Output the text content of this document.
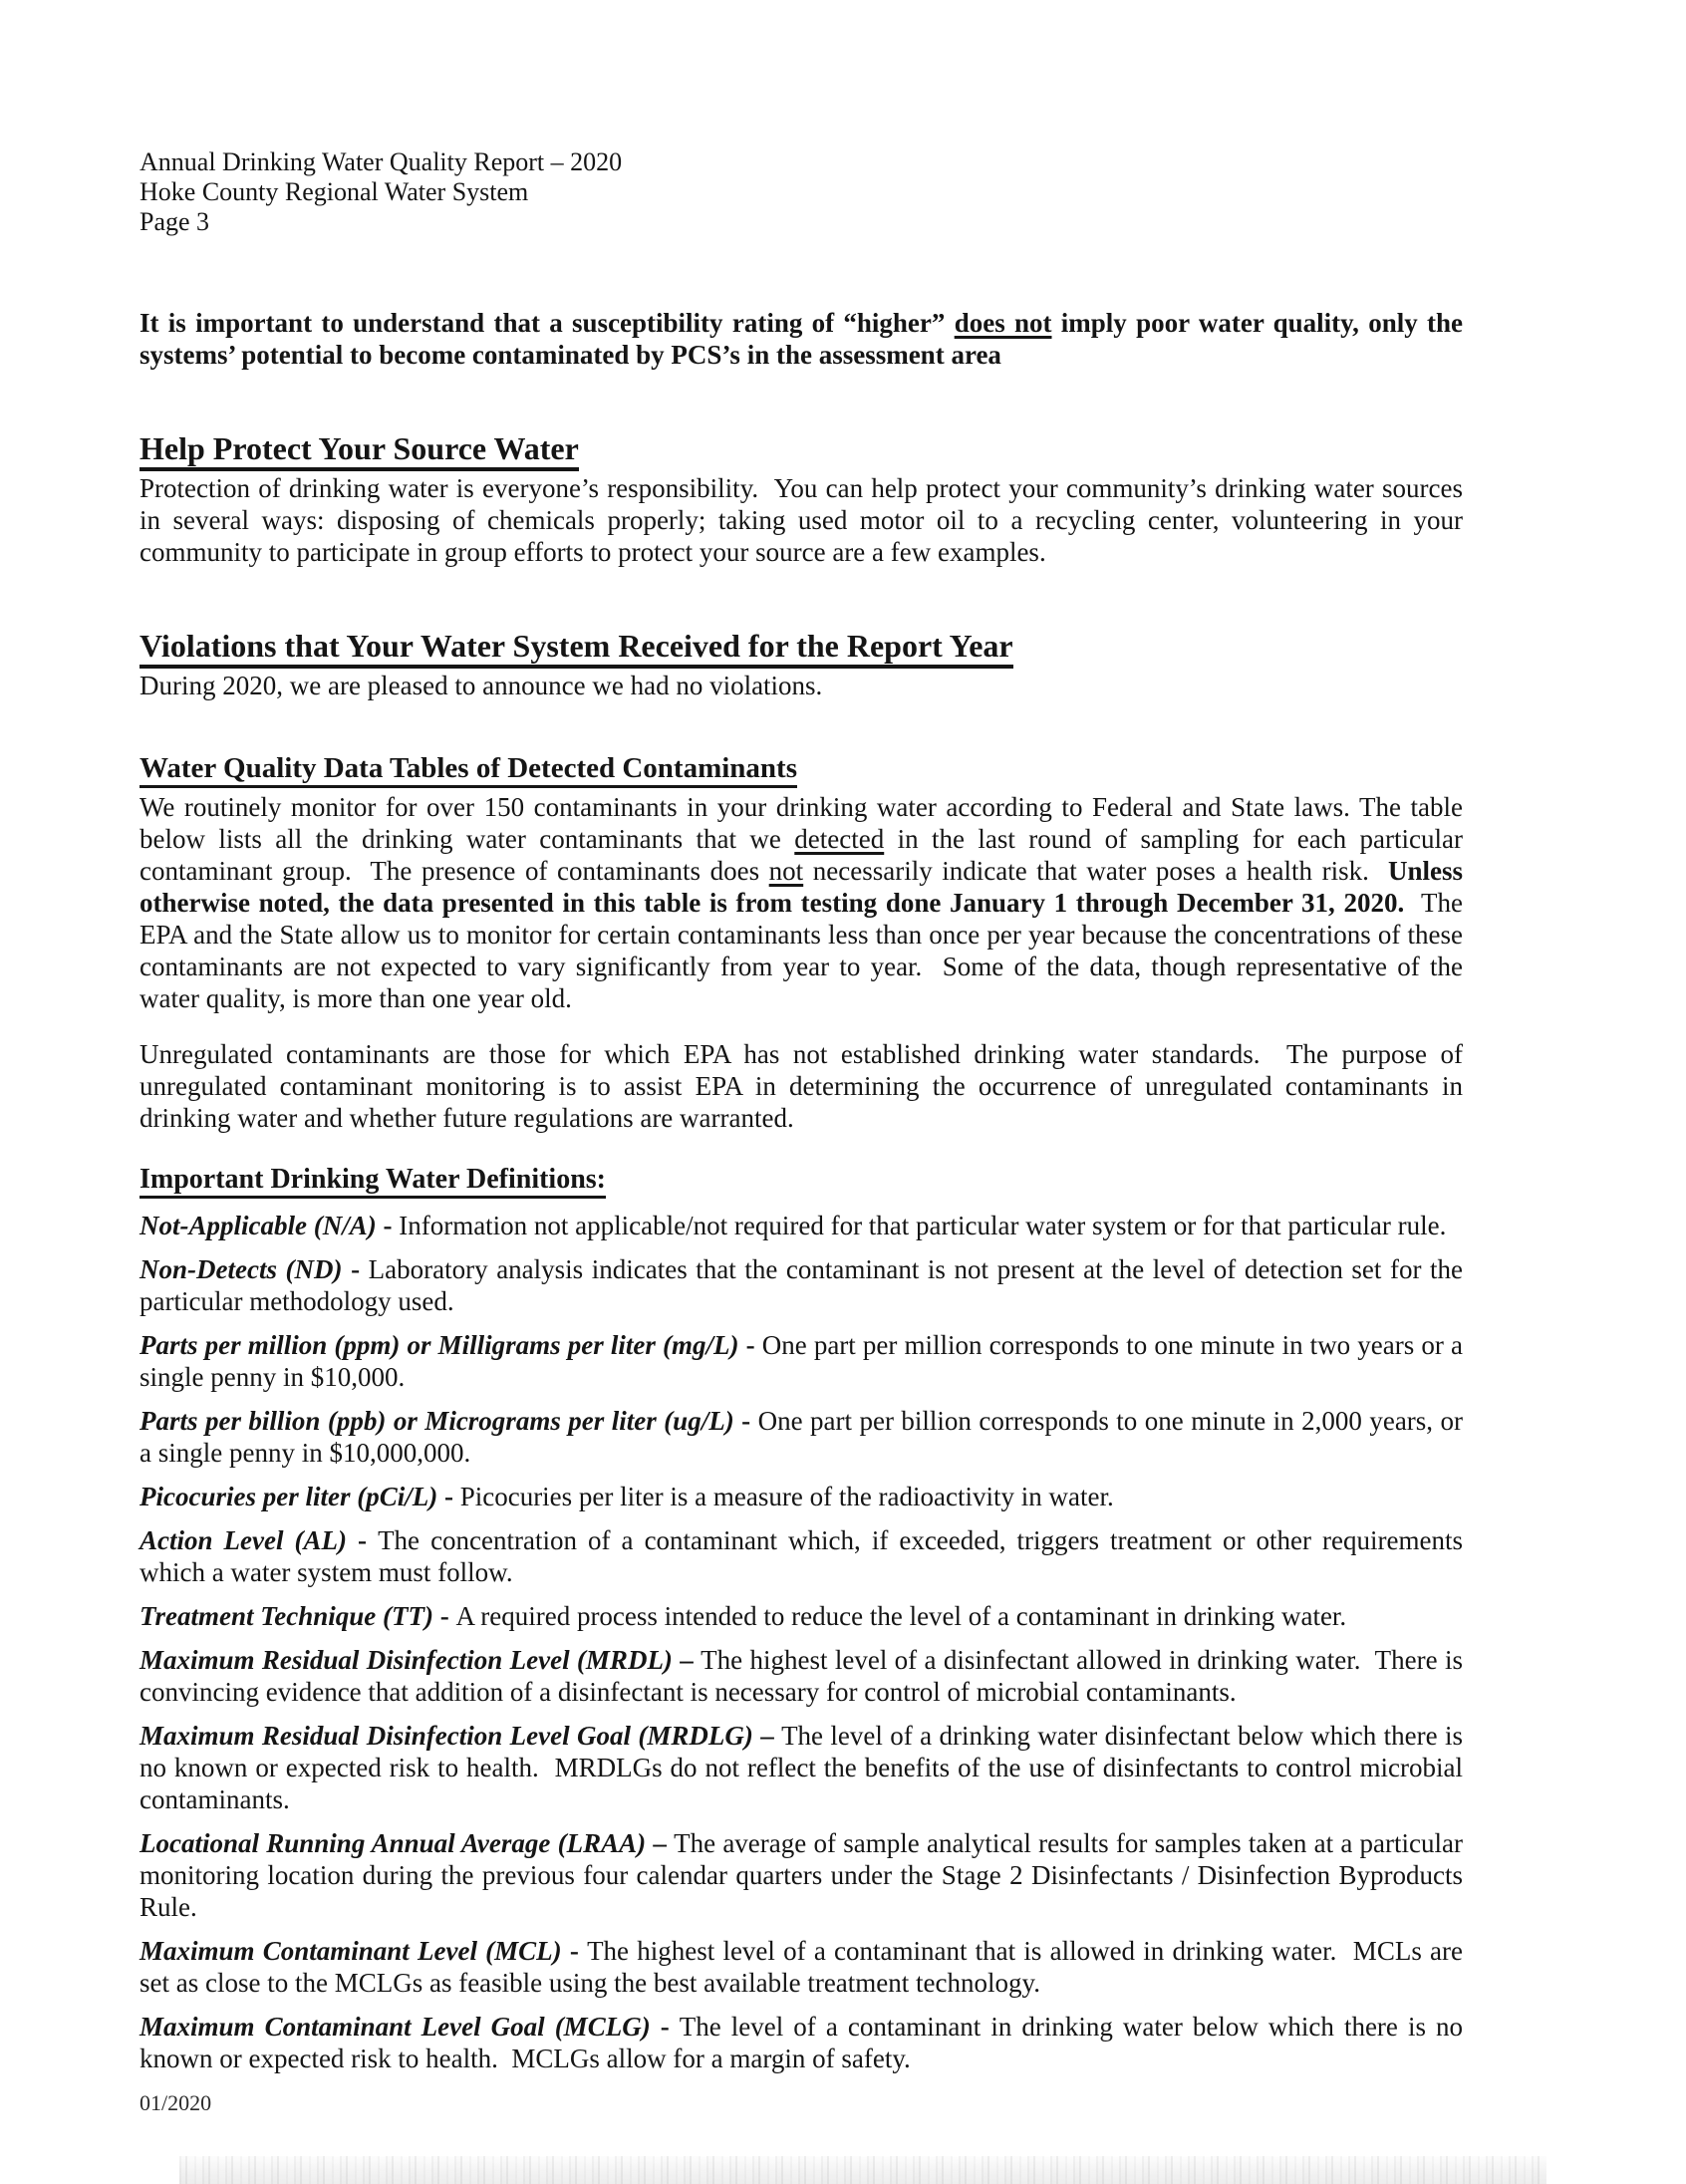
Annual Drinking Water Quality Report – 2020
Hoke County Regional Water System
Page 3

It is important to understand that a susceptibility rating of “higher” does not imply poor water quality, only the systems’ potential to become contaminated by PCS’s in the assessment area

Help Protect Your Source Water

Protection of drinking water is everyone’s responsibility.  You can help protect your community’s drinking water sources in several ways: disposing of chemicals properly; taking used motor oil to a recycling center, volunteering in your community to participate in group efforts to protect your source are a few examples.

Violations that Your Water System Received for the Report Year

During 2020, we are pleased to announce we had no violations.

Water Quality Data Tables of Detected Contaminants

We routinely monitor for over 150 contaminants in your drinking water according to Federal and State laws. The table below lists all the drinking water contaminants that we detected in the last round of sampling for each particular contaminant group.  The presence of contaminants does not necessarily indicate that water poses a health risk.  Unless otherwise noted, the data presented in this table is from testing done January 1 through December 31, 2020.  The EPA and the State allow us to monitor for certain contaminants less than once per year because the concentrations of these contaminants are not expected to vary significantly from year to year.  Some of the data, though representative of the water quality, is more than one year old.

Unregulated contaminants are those for which EPA has not established drinking water standards.  The purpose of unregulated contaminant monitoring is to assist EPA in determining the occurrence of unregulated contaminants in drinking water and whether future regulations are warranted.

Important Drinking Water Definitions:

Not-Applicable (N/A) - Information not applicable/not required for that particular water system or for that particular rule.

Non-Detects (ND) - Laboratory analysis indicates that the contaminant is not present at the level of detection set for the particular methodology used.

Parts per million (ppm) or Milligrams per liter (mg/L) - One part per million corresponds to one minute in two years or a single penny in $10,000.

Parts per billion (ppb) or Micrograms per liter (ug/L) - One part per billion corresponds to one minute in 2,000 years, or a single penny in $10,000,000.

Picocuries per liter (pCi/L) - Picocuries per liter is a measure of the radioactivity in water.

Action Level (AL) - The concentration of a contaminant which, if exceeded, triggers treatment or other requirements which a water system must follow.

Treatment Technique (TT) - A required process intended to reduce the level of a contaminant in drinking water.

Maximum Residual Disinfection Level (MRDL) – The highest level of a disinfectant allowed in drinking water.  There is convincing evidence that addition of a disinfectant is necessary for control of microbial contaminants.

Maximum Residual Disinfection Level Goal (MRDLG) – The level of a drinking water disinfectant below which there is no known or expected risk to health.  MRDLGs do not reflect the benefits of the use of disinfectants to control microbial contaminants.

Locational Running Annual Average (LRAA) – The average of sample analytical results for samples taken at a particular monitoring location during the previous four calendar quarters under the Stage 2 Disinfectants / Disinfection Byproducts Rule.

Maximum Contaminant Level (MCL) - The highest level of a contaminant that is allowed in drinking water.  MCLs are set as close to the MCLGs as feasible using the best available treatment technology.

Maximum Contaminant Level Goal (MCLG) - The level of a contaminant in drinking water below which there is no known or expected risk to health.  MCLGs allow for a margin of safety.

01/2020
